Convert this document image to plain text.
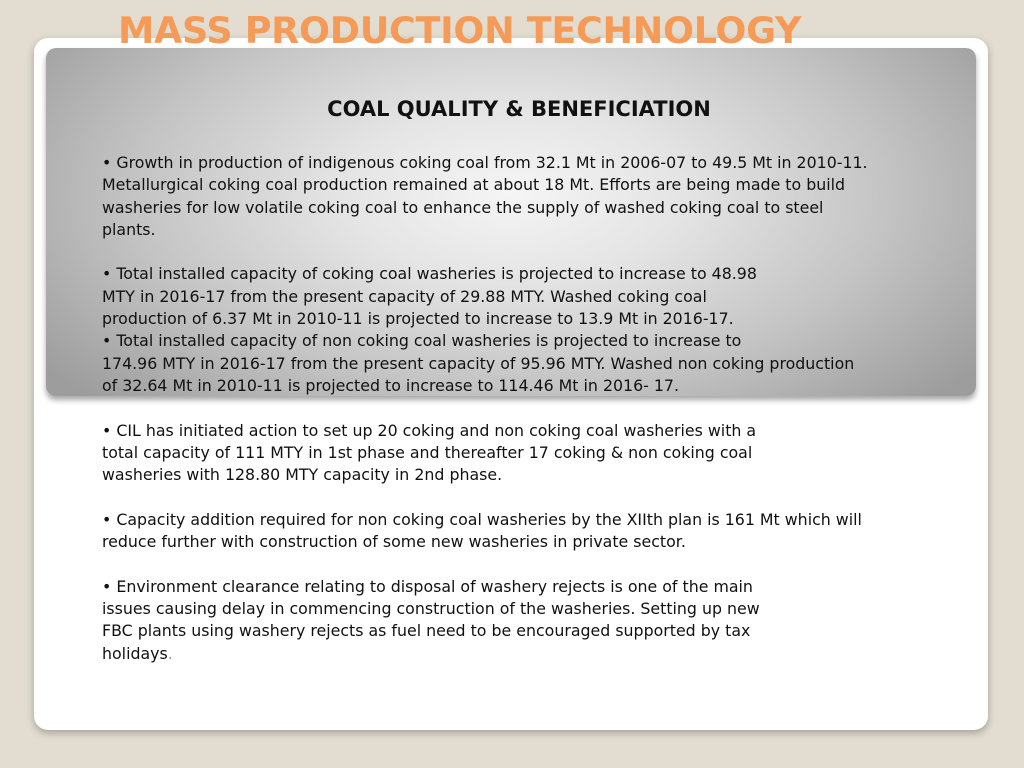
MASS PRODUCTION TECHNOLOGY
COAL QUALITY & BENEFICIATION

• Growth in production of indigenous coking coal from 32.1 Mt in 2006-07 to 49.5 Mt in 2010-11.
Metallurgical coking coal production remained at about 18 Mt. Efforts are being made to build
washeries for low volatile coking coal to enhance the supply of washed coking coal to steel
plants.

• Total installed capacity of coking coal washeries is projected to increase to 48.98
MTY in 2016-17 from the present capacity of 29.88 MTY. Washed coking coal
production of 6.37 Mt in 2010-11 is projected to increase to 13.9 Mt in 2016-17.
• Total installed capacity of non coking coal washeries is projected to increase to
174.96 MTY in 2016-17 from the present capacity of 95.96 MTY. Washed non coking production
of 32.64 Mt in 2010-11 is projected to increase to 114.46 Mt in 2016- 17.

• CIL has initiated action to set up 20 coking and non coking coal washeries with a
total capacity of 111 MTY in 1st phase and thereafter 17 coking & non coking coal
washeries with 128.80 MTY capacity in 2nd phase.

• Capacity addition required for non coking coal washeries by the XIIth plan is 161 Mt which will
reduce further with construction of some new washeries in private sector.

• Environment clearance relating to disposal of washery rejects is one of the main
issues causing delay in commencing construction of the washeries. Setting up new
FBC plants using washery rejects as fuel need to be encouraged supported by tax
holidays.
